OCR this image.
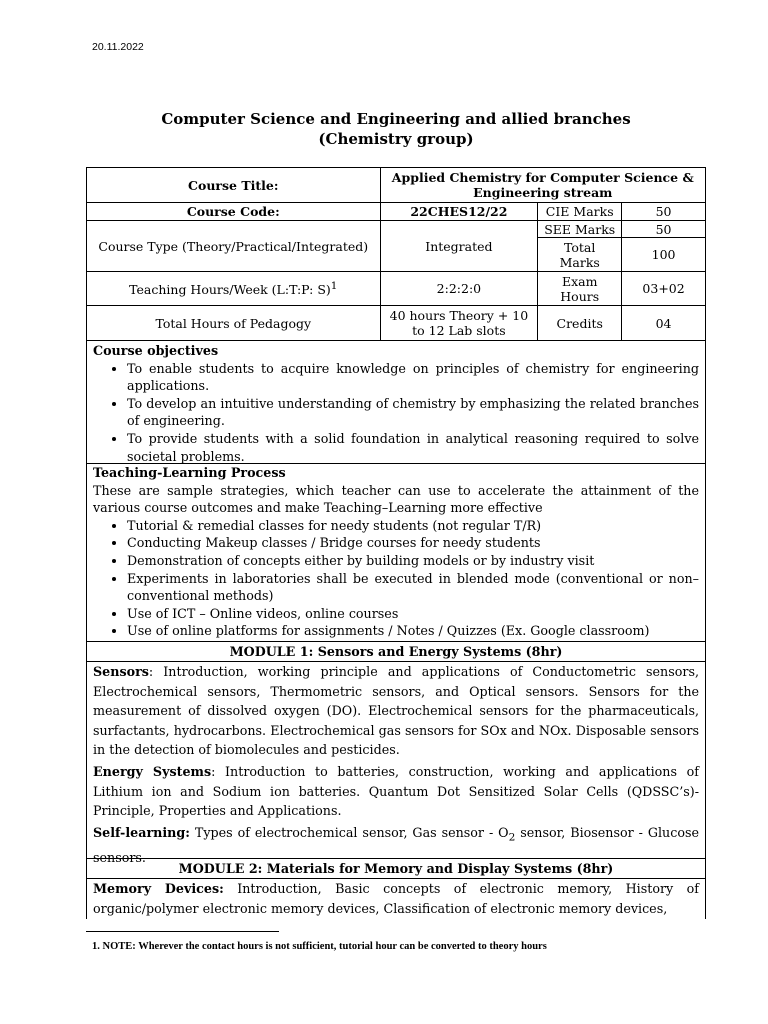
20.11.2022
Computer Science and Engineering and allied branches
(Chemistry group)
Course Title:	Applied Chemistry for Computer Science & Engineering stream		
Course Code:	22CHES12/22	CIE Marks	50
Course Type (Theory/Practical/Integrated)	Integrated	SEE Marks	50
		Total Marks	100
Teaching Hours/Week (L:T:P: S)$^1$	2:2:2:0	Exam Hours	03+02
Total Hours of Pedagogy	40 hours Theory + 10 to 12 Lab slots	Credits	04
Course objectives
• To enable students to acquire knowledge on principles of chemistry for engineering applications.
• To develop an intuitive understanding of chemistry by emphasizing the related branches of engineering.
• To provide students with a solid foundation in analytical reasoning required to solve societal problems.
Teaching-Learning Process
These are sample strategies, which teacher can use to accelerate the attainment of the various course outcomes and make Teaching–Learning more effective
• Tutorial & remedial classes for needy students (not regular T/R)
• Conducting Makeup classes / Bridge courses for needy students
• Demonstration of concepts either by building models or by industry visit
• Experiments in laboratories shall be executed in blended mode (conventional or non–conventional methods)
• Use of ICT – Online videos, online courses
• Use of online platforms for assignments / Notes / Quizzes (Ex. Google classroom)
MODULE 1: Sensors and Energy Systems (8hr)

Sensors: Introduction, working principle and applications of Conductometric sensors, Electrochemical sensors, Thermometric sensors, and Optical sensors. Sensors for the measurement of dissolved oxygen (DO). Electrochemical sensors for the pharmaceuticals, surfactants, hydrocarbons. Electrochemical gas sensors for SOx and NOx. Disposable sensors in the detection of biomolecules and pesticides.

Energy Systems: Introduction to batteries, construction, working and applications of Lithium ion and Sodium ion batteries. Quantum Dot Sensitized Solar Cells (QDSSC’s)-Principle, Properties and Applications.

Self-learning: Types of electrochemical sensor, Gas sensor - $O_2$ sensor, Biosensor - Glucose sensors.

MODULE 2: Materials for Memory and Display Systems (8hr)

Memory Devices: Introduction, Basic concepts of electronic memory, History of organic/polymer electronic memory devices, Classification of electronic memory devices,

1. NOTE: Wherever the contact hours is not sufficient, tutorial hour can be converted to theory hours
